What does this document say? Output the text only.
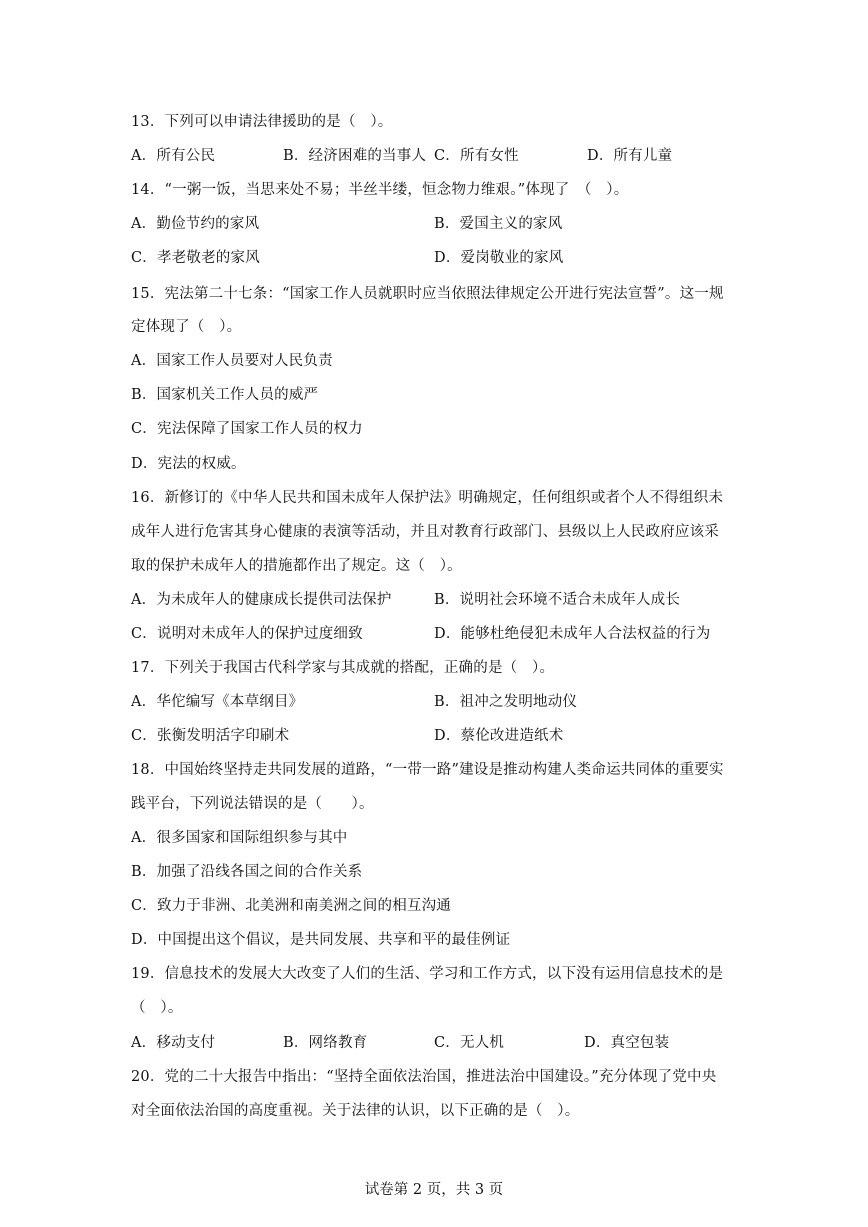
13．下列可以申请法律援助的是（　）。
A．所有公民	B．经济困难的当事人 C．所有女性	D．所有儿童
14．“一粥一饭，当思来处不易；半丝半缕，恒念物力维艰。”体现了　（　）。
A．勤俭节约的家风	B．爱国主义的家风
C．孝老敬老的家风	D．爱岗敬业的家风
15．宪法第二十七条：“国家工作人员就职时应当依照法律规定公开进行宪法宣誓”。这一规
定体现了（　）。
A．国家工作人员要对人民负责
B．国家机关工作人员的威严
C．宪法保障了国家工作人员的权力
D．宪法的权威。
16．新修订的《中华人民共和国未成年人保护法》明确规定，任何组织或者个人不得组织未
成年人进行危害其身心健康的表演等活动，并且对教育行政部门、县级以上人民政府应该采
取的保护未成年人的措施都作出了规定。这（　）。
A．为未成年人的健康成长提供司法保护	B．说明社会环境不适合未成年人成长
C．说明对未成年人的保护过度细致	D．能够杜绝侵犯未成年人合法权益的行为
17．下列关于我国古代科学家与其成就的搭配，正确的是（　）。
A．华佗编写《本草纲目》	B．祖冲之发明地动仪
C．张衡发明活字印刷术	D．蔡伦改进造纸术
18．中国始终坚持走共同发展的道路，“一带一路”建设是推动构建人类命运共同体的重要实
践平台，下列说法错误的是（　　）。
A．很多国家和国际组织参与其中
B．加强了沿线各国之间的合作关系
C．致力于非洲、北美洲和南美洲之间的相互沟通
D．中国提出这个倡议，是共同发展、共享和平的最佳例证
19．信息技术的发展大大改变了人们的生活、学习和工作方式，以下没有运用信息技术的是
（　）。
A．移动支付	B．网络教育	C．无人机	D．真空包装
20．党的二十大报告中指出：“坚持全面依法治国，推进法治中国建设。”充分体现了党中央
对全面依法治国的高度重视。关于法律的认识，以下正确的是（　）。
试卷第 2 页，共 3 页
